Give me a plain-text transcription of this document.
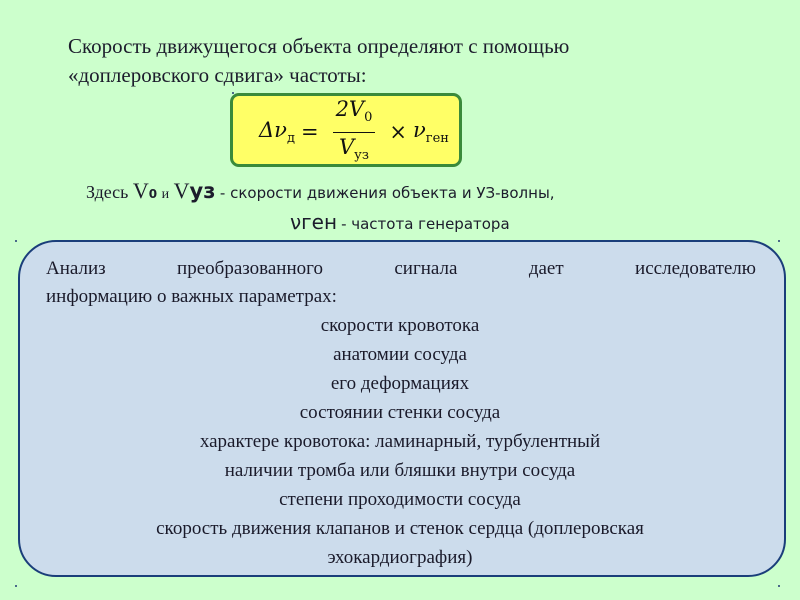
Скорость движущегося объекта определяют с помощью
«доплеровского сдвига» частоты:
$\Delta\nu_д = \frac{2V_0}{V_{уз}} \times \nu_{ген}$
Здесь V0 и Vуз - скорости движения объекта и УЗ-волны,
νген - частота генератора
Анализ	преобразованного	сигнала	дает	исследователю
информацию о важных параметрах:
скорости кровотока
анатомии сосуда
его деформациях
состоянии стенки сосуда
характере кровотока: ламинарный, турбулентный
наличии тромба или бляшки внутри сосуда
степени проходимости сосуда
скорость движения клапанов и стенок сердца (доплеровская
эхокардиография)
